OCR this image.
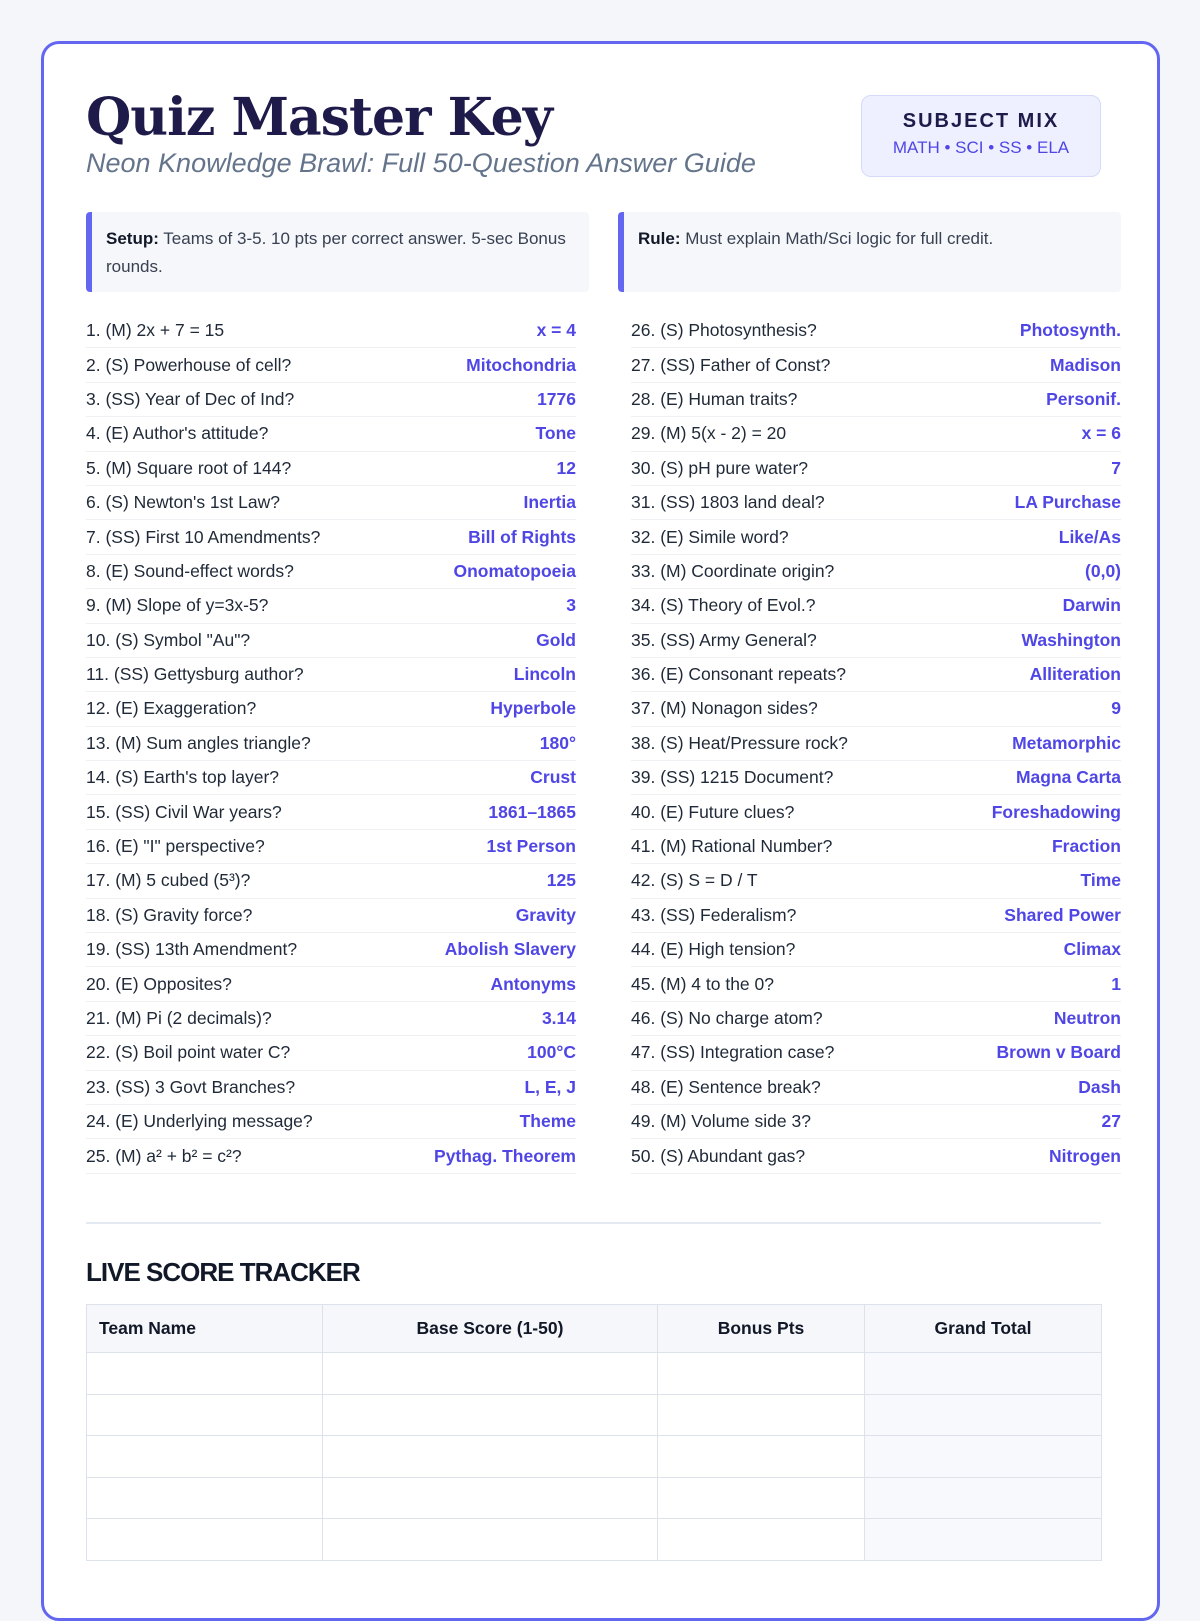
Quiz Master Key
Neon Knowledge Brawl: Full 50-Question Answer Guide
SUBJECT MIX
MATH • SCI • SS • ELA
Setup: Teams of 3-5. 10 pts per correct answer. 5-sec Bonus rounds.
Rule: Must explain Math/Sci logic for full credit.
1. (M) 2x + 7 = 15	x = 4
2. (S) Powerhouse of cell?	Mitochondria
3. (SS) Year of Dec of Ind?	1776
4. (E) Author's attitude?	Tone
5. (M) Square root of 144?	12
6. (S) Newton's 1st Law?	Inertia
7. (SS) First 10 Amendments?	Bill of Rights
8. (E) Sound-effect words?	Onomatopoeia
9. (M) Slope of y=3x-5?	3
10. (S) Symbol "Au"?	Gold
11. (SS) Gettysburg author?	Lincoln
12. (E) Exaggeration?	Hyperbole
13. (M) Sum angles triangle?	180°
14. (S) Earth's top layer?	Crust
15. (SS) Civil War years?	1861–1865
16. (E) "I" perspective?	1st Person
17. (M) 5 cubed (5³)?	125
18. (S) Gravity force?	Gravity
19. (SS) 13th Amendment?	Abolish Slavery
20. (E) Opposites?	Antonyms
21. (M) Pi (2 decimals)?	3.14
22. (S) Boil point water C?	100°C
23. (SS) 3 Govt Branches?	L, E, J
24. (E) Underlying message?	Theme
25. (M) a² + b² = c²?	Pythag. Theorem
26. (S) Photosynthesis?	Photosynth.
27. (SS) Father of Const?	Madison
28. (E) Human traits?	Personif.
29. (M) 5(x - 2) = 20	x = 6
30. (S) pH pure water?	7
31. (SS) 1803 land deal?	LA Purchase
32. (E) Simile word?	Like/As
33. (M) Coordinate origin?	(0,0)
34. (S) Theory of Evol.?	Darwin
35. (SS) Army General?	Washington
36. (E) Consonant repeats?	Alliteration
37. (M) Nonagon sides?	9
38. (S) Heat/Pressure rock?	Metamorphic
39. (SS) 1215 Document?	Magna Carta
40. (E) Future clues?	Foreshadowing
41. (M) Rational Number?	Fraction
42. (S) S = D / T	Time
43. (SS) Federalism?	Shared Power
44. (E) High tension?	Climax
45. (M) 4 to the 0?	1
46. (S) No charge atom?	Neutron
47. (SS) Integration case?	Brown v Board
48. (E) Sentence break?	Dash
49. (M) Volume side 3?	27
50. (S) Abundant gas?	Nitrogen
LIVE SCORE TRACKER
Team Name	Base Score (1-50)	Bonus Pts	Grand Total
